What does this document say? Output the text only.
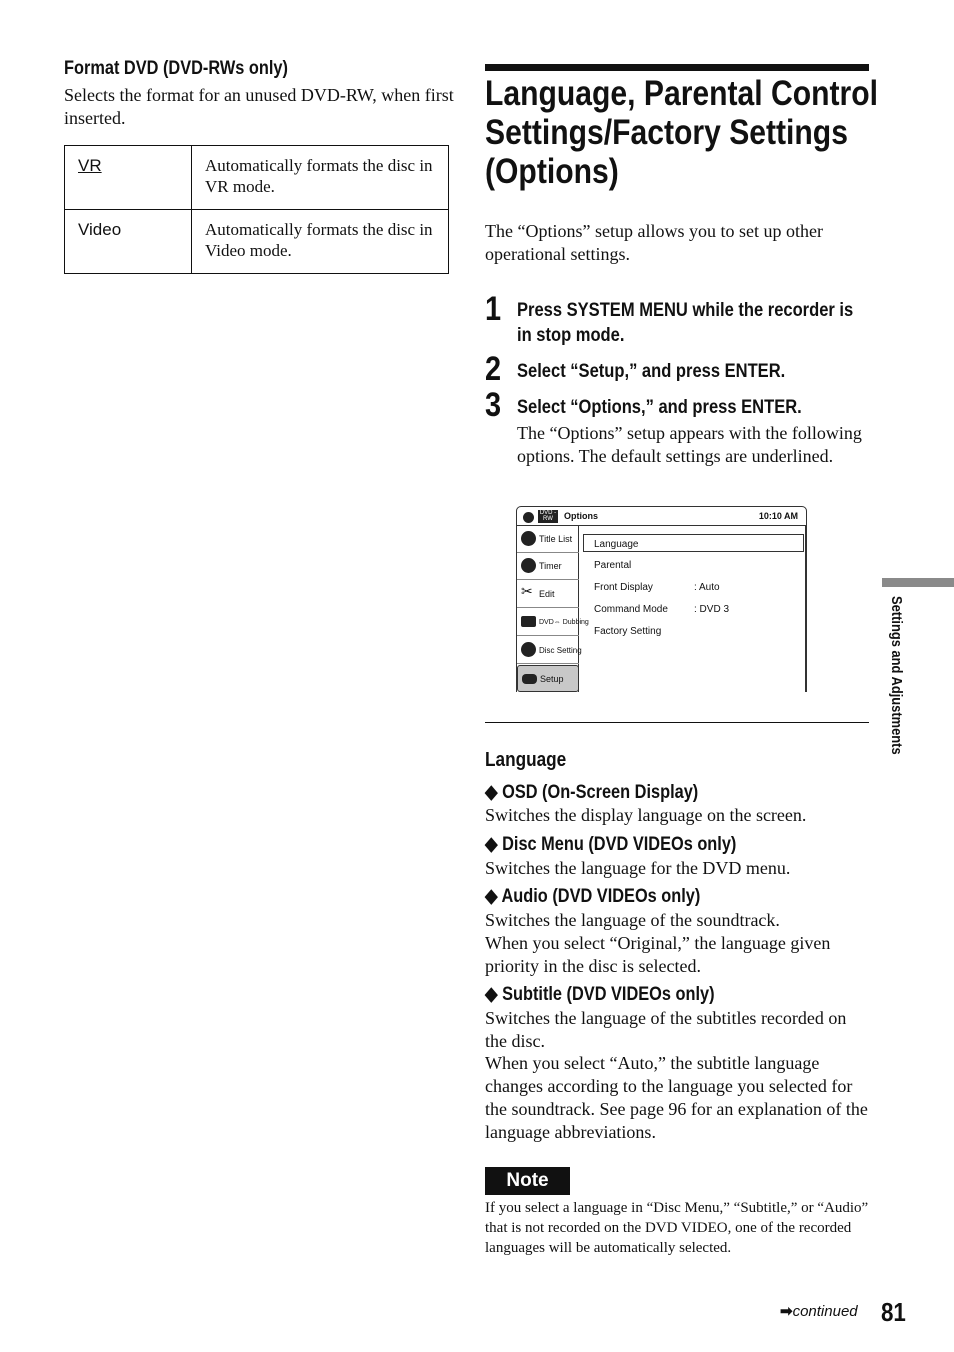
Format DVD (DVD-RWs only)
Selects the format for an unused DVD-RW, when first inserted.
VR	Automatically formats the disc in VR mode.
Video	Automatically formats the disc in Video mode.
Language, Parental Control
Settings/Factory Settings
(Options)
The “Options” setup allows you to set up other operational settings.
1 Press SYSTEM MENU while the recorder is
in stop mode.
2 Select “Setup,” and press ENTER.
3 Select “Options,” and press ENTER.
The “Options” setup appears with the following options. The default settings are underlined.
DVD -RW	Options	10:10 AM
Title List
Timer
✂ Edit
DVD⇔ Dubbing
Disc Setting
Setup
Language
Parental
Front Display	: Auto
Command Mode	: DVD 3
Factory Setting
Language
◆ OSD (On-Screen Display)
Switches the display language on the screen.
◆ Disc Menu (DVD VIDEOs only)
Switches the language for the DVD menu.
◆ Audio (DVD VIDEOs only)
Switches the language of the soundtrack.
When you select “Original,” the language given priority in the disc is selected.
◆ Subtitle (DVD VIDEOs only)
Switches the language of the subtitles recorded on the disc.
When you select “Auto,” the subtitle language changes according to the language you selected for the soundtrack. See page 96 for an explanation of the language abbreviations.
Note
If you select a language in “Disc Menu,” “Subtitle,” or “Audio” that is not recorded on the DVD VIDEO, one of the recorded languages will be automatically selected.
Settings and Adjustments
➡continued 81
